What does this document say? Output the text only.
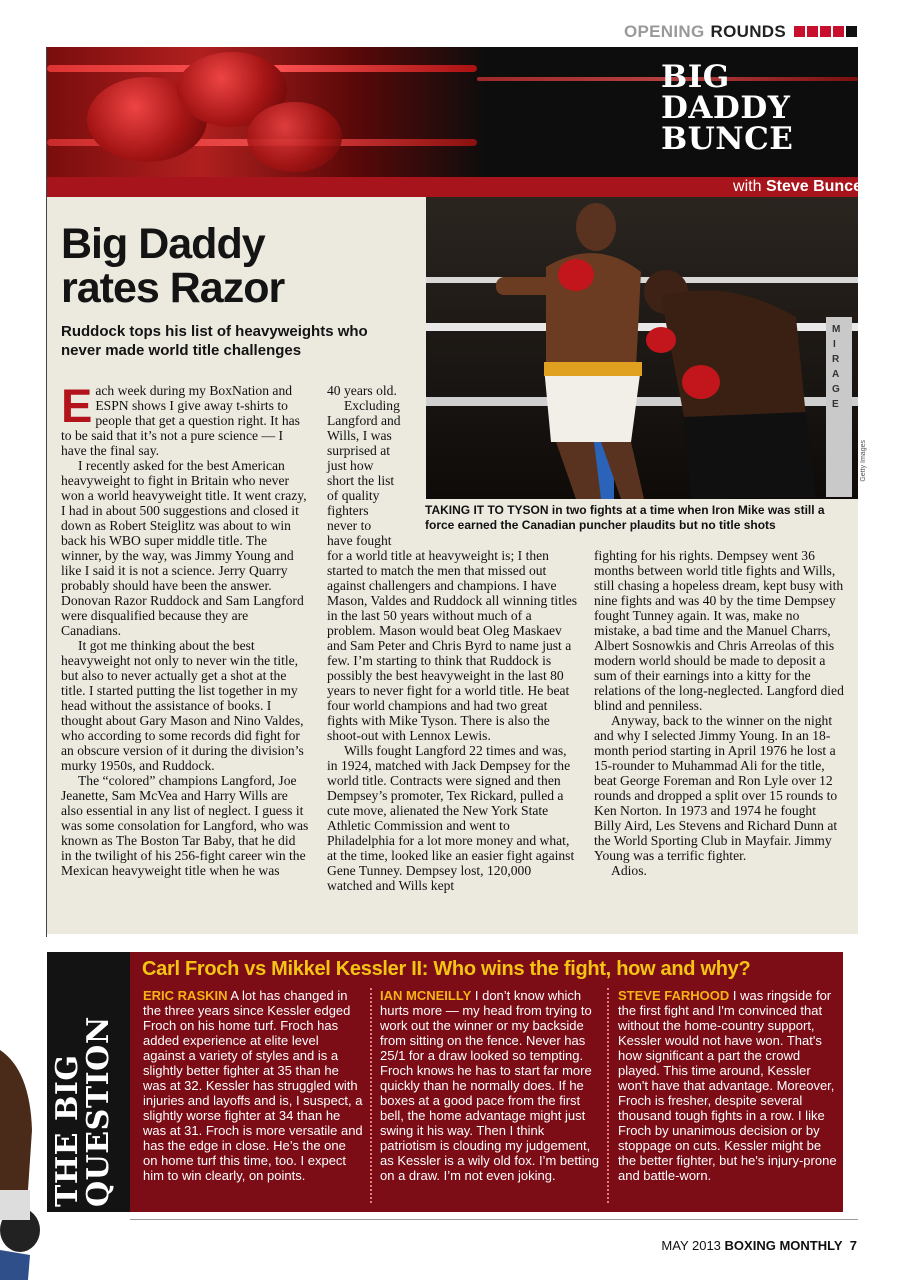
OPENING ROUNDS
BIG
DADDY
BUNCE
with Steve Bunce
M
I
R
A
G
E
Getty Images
TAKING IT TO TYSON in two fights at a time when Iron Mike was still a force earned the Canadian puncher plaudits but no title shots
Big Daddy
rates Razor
Ruddock tops his list of heavyweights who never made world title challenges

Each week during my BoxNation and ESPN shows I give away t-shirts to people that get a question right. It has to be said that it’s not a pure science — I have the final say.

I recently asked for the best American heavyweight to fight in Britain who never won a world heavyweight title. It went crazy, I had in about 500 suggestions and closed it down as Robert Steiglitz was about to win back his WBO super middle title. The winner, by the way, was Jimmy Young and like I said it is not a science. Jerry Quarry probably should have been the answer. Donovan Razor Ruddock and Sam Langford were disqualified because they are Canadians.

It got me thinking about the best heavyweight not only to never win the title, but also to never actually get a shot at the title. I started putting the list together in my head without the assistance of books. I thought about Gary Mason and Nino Valdes, who according to some records did fight for an obscure version of it during the division’s murky 1950s, and Ruddock.

The “colored” champions Langford, Joe Jeanette, Sam McVea and Harry Wills are also essential in any list of neglect. I guess it was some consolation for Langford, who was known as The Boston Tar Baby, that he did in the twilight of his 256-fight career win the Mexican heavyweight title when he was

40 years old.
Excluding
Langford and
Wills, I was
surprised at
just how
short the list
of quality
fighters
never to
have fought

for a world title at heavyweight is; I then started to match the men that missed out against challengers and champions. I have Mason, Valdes and Ruddock all winning titles in the last 50 years without much of a problem. Mason would beat Oleg Maskaev and Sam Peter and Chris Byrd to name just a few. I’m starting to think that Ruddock is possibly the best heavyweight in the last 80 years to never fight for a world title. He beat four world champions and had two great fights with Mike Tyson. There is also the shoot-out with Lennox Lewis.

Wills fought Langford 22 times and was, in 1924, matched with Jack Dempsey for the world title. Contracts were signed and then Dempsey’s promoter, Tex Rickard, pulled a cute move, alienated the New York State Athletic Commission and went to Philadelphia for a lot more money and what, at the time, looked like an easier fight against Gene Tunney. Dempsey lost, 120,000 watched and Wills kept

fighting for his rights. Dempsey went 36 months between world title fights and Wills, still chasing a hopeless dream, kept busy with nine fights and was 40 by the time Dempsey fought Tunney again. It was, make no mistake, a bad time and the Manuel Charrs, Albert Sosnowkis and Chris Arreolas of this modern world should be made to deposit a sum of their earnings into a kitty for the relations of the long-neglected. Langford died blind and penniless.

Anyway, back to the winner on the night and why I selected Jimmy Young. In an 18-month period starting in April 1976 he lost a 15-rounder to Muhammad Ali for the title, beat George Foreman and Ron Lyle over 12 rounds and dropped a split over 15 rounds to Ken Norton. In 1973 and 1974 he fought Billy Aird, Les Stevens and Richard Dunn at the World Sporting Club in Mayfair. Jimmy Young was a terrific fighter.

Adios.

THE BIG
QUESTION
Carl Froch vs Mikkel Kessler II: Who wins the fight, how and why?
ERIC RASKIN A lot has changed in the three years since Kessler edged Froch on his home turf. Froch has added experience at elite level against a variety of styles and is a slightly better fighter at 35 than he was at 32. Kessler has struggled with injuries and layoffs and is, I suspect, a slightly worse fighter at 34 than he was at 31. Froch is more versatile and has the edge in close. He’s the one on home turf this time, too. I expect him to win clearly, on points.
IAN MCNEILLY I don’t know which hurts more — my head from trying to work out the winner or my backside from sitting on the fence. Never has 25/1 for a draw looked so tempting. Froch knows he has to start far more quickly than he normally does. If he boxes at a good pace from the first bell, the home advantage might just swing it his way. Then I think patriotism is clouding my judgement, as Kessler is a wily old fox. I’m betting on a draw. I’m not even joking.
STEVE FARHOOD I was ringside for the first fight and I'm convinced that without the home-country support, Kessler would not have won. That's how significant a part the crowd played. This time around, Kessler won't have that advantage. Moreover, Froch is fresher, despite several thousand tough fights in a row. I like Froch by unanimous decision or by stoppage on cuts. Kessler might be the better fighter, but he's injury-prone and battle-worn.
MAY 2013 BOXING MONTHLY 7
